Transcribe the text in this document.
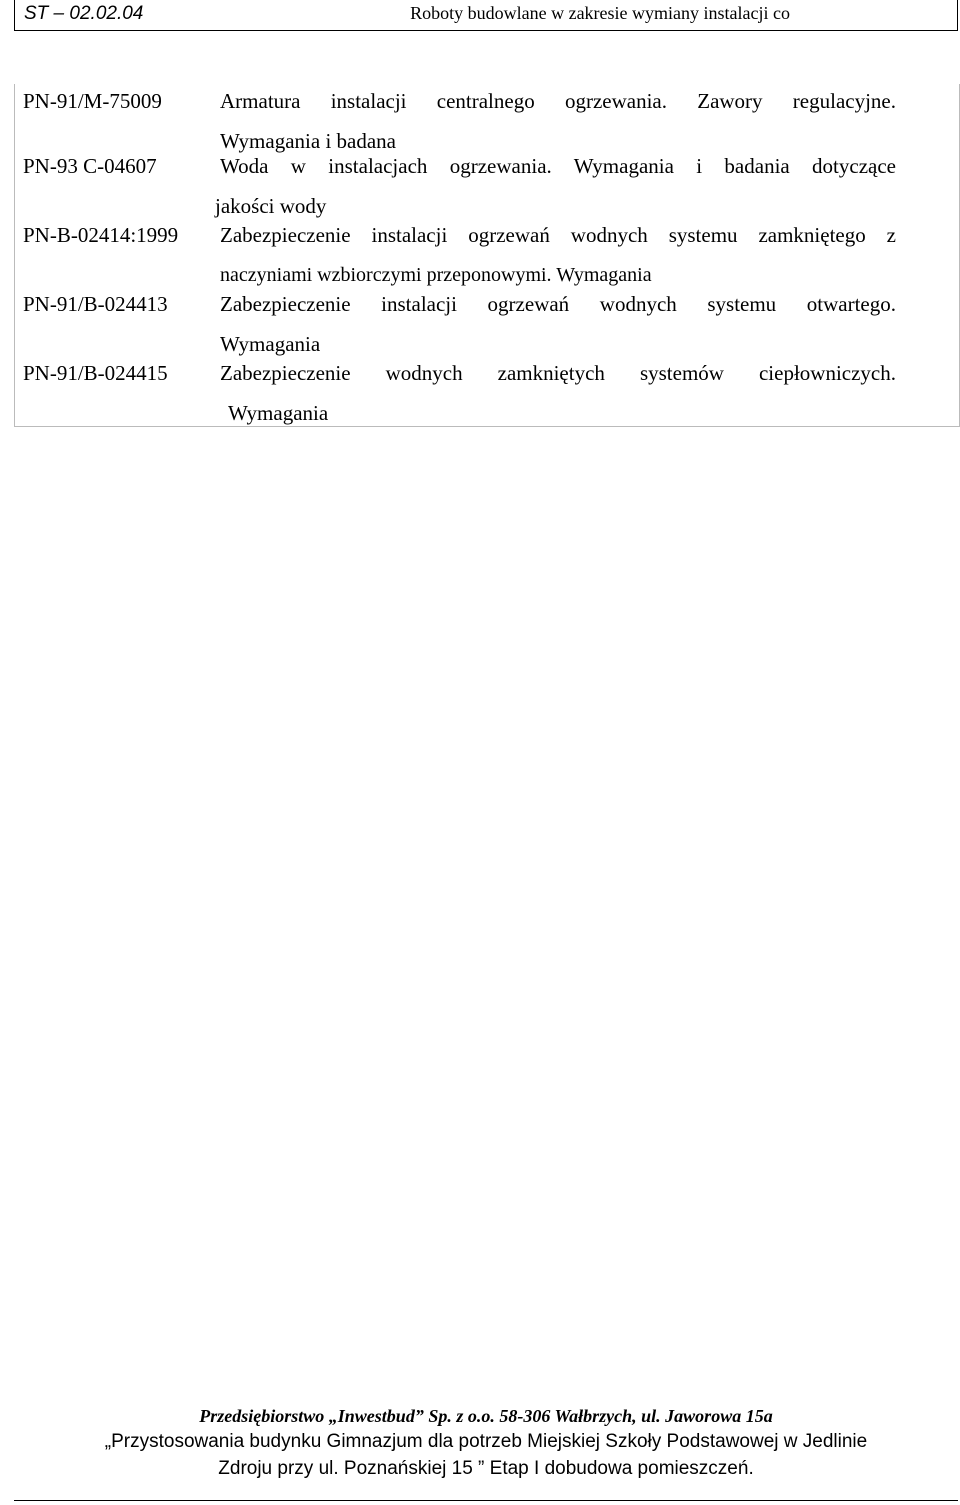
ST – 02.02.04	Roboty budowlane w zakresie wymiany instalacji co
PN-91/M-75009	Armatura instalacji centralnego ogrzewania. Zawory regulacyjne.
Wymagania i badana
PN-93 C-04607	Woda w instalacjach ogrzewania. Wymagania i badania dotyczące
jakości wody
PN-B-02414:1999 Zabezpieczenie instalacji ogrzewań wodnych systemu zamkniętego z
naczyniami wzbiorczymi przeponowymi. Wymagania
PN-91/B-024413 Zabezpieczenie instalacji ogrzewań wodnych systemu otwartego.
Wymagania
PN-91/B-024415 Zabezpieczenie wodnych zamkniętych systemów ciepłowniczych.
Wymagania
Przedsiębiorstwo „Inwestbud” Sp. z o.o. 58-306 Wałbrzych, ul. Jaworowa 15a
„Przystosowania budynku Gimnazjum dla potrzeb Miejskiej Szkoły Podstawowej w Jedlinie
Zdroju przy ul. Poznańskiej 15 ” Etap I dobudowa pomieszczeń.
